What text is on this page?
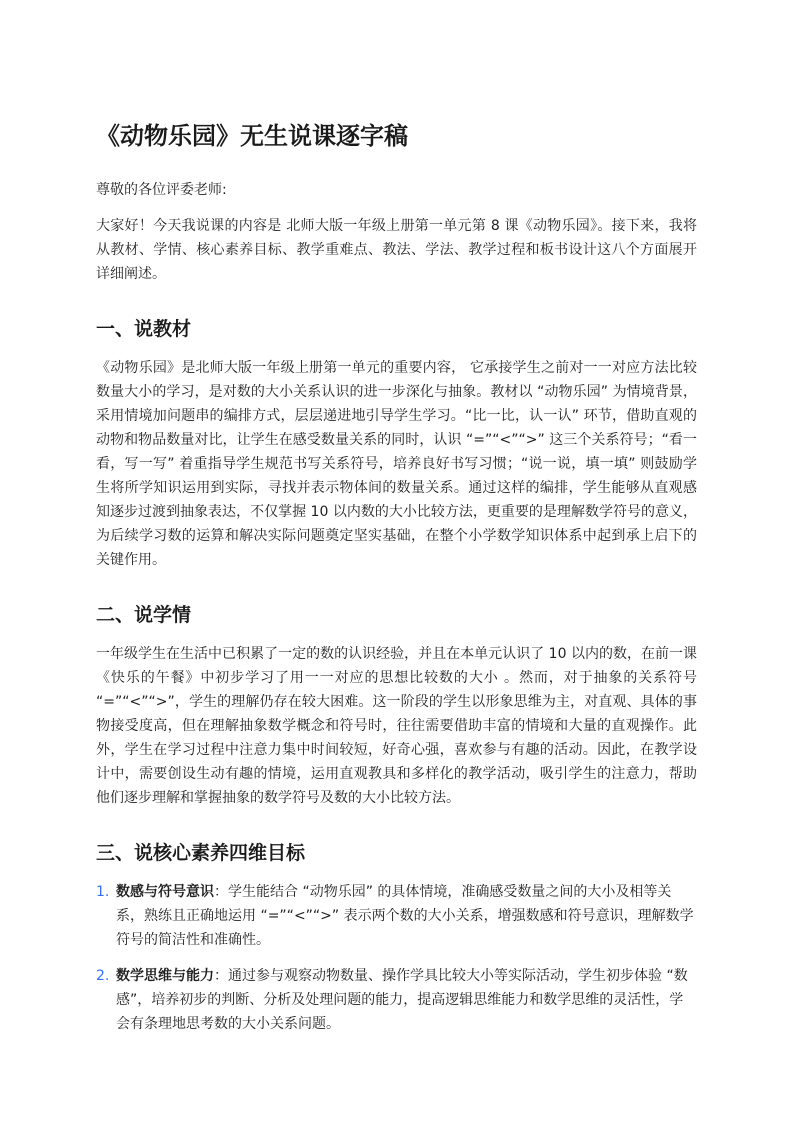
《动物乐园》无生说课逐字稿

尊敬的各位评委老师:

大家好！今天我说课的内容是 北师大版一年级上册第一单元第 8 课《动物乐园》。接下来，我将从教材、学情、核心素养目标、教学重难点、教法、学法、教学过程和板书设计这八个方面展开详细阐述。

一、说教材

《动物乐园》是北师大版一年级上册第一单元的重要内容， 它承接学生之前对一一对应方法比较数量大小的学习，是对数的大小关系认识的进一步深化与抽象。教材以 “动物乐园” 为情境背景，采用情境加问题串的编排方式，层层递进地引导学生学习。“比一比，认一认” 环节，借助直观的动物和物品数量对比，让学生在感受数量关系的同时，认识 “=”“<”“>” 这三个关系符号；“看一看，写一写” 着重指导学生规范书写关系符号，培养良好书写习惯；“说一说，填一填” 则鼓励学生将所学知识运用到实际，寻找并表示物体间的数量关系。通过这样的编排，学生能够从直观感知逐步过渡到抽象表达，不仅掌握 10 以内数的大小比较方法，更重要的是理解数学符号的意义，为后续学习数的运算和解决实际问题奠定坚实基础，在整个小学数学知识体系中起到承上启下的关键作用。

二、说学情

一年级学生在生活中已积累了一定的数的认识经验，并且在本单元认识了 10 以内的数，在前一课《快乐的午餐》中初步学习了用一一对应的思想比较数的大小 。然而，对于抽象的关系符号 “=”“<”“>”，学生的理解仍存在较大困难。这一阶段的学生以形象思维为主，对直观、具体的事物接受度高，但在理解抽象数学概念和符号时，往往需要借助丰富的情境和大量的直观操作。此外，学生在学习过程中注意力集中时间较短，好奇心强，喜欢参与有趣的活动。因此，在教学设计中，需要创设生动有趣的情境，运用直观教具和多样化的教学活动，吸引学生的注意力，帮助他们逐步理解和掌握抽象的数学符号及数的大小比较方法。

三、说核心素养四维目标
1. 数感与符号意识：学生能结合 “动物乐园” 的具体情境，准确感受数量之间的大小及相等关系，熟练且正确地运用 “=”“<”“>” 表示两个数的大小关系，增强数感和符号意识，理解数学符号的简洁性和准确性。
2. 数学思维与能力：通过参与观察动物数量、操作学具比较大小等实际活动，学生初步体验 “数感”，培养初步的判断、分析及处理问题的能力，提高逻辑思维能力和数学思维的灵活性，学会有条理地思考数的大小关系问题。
